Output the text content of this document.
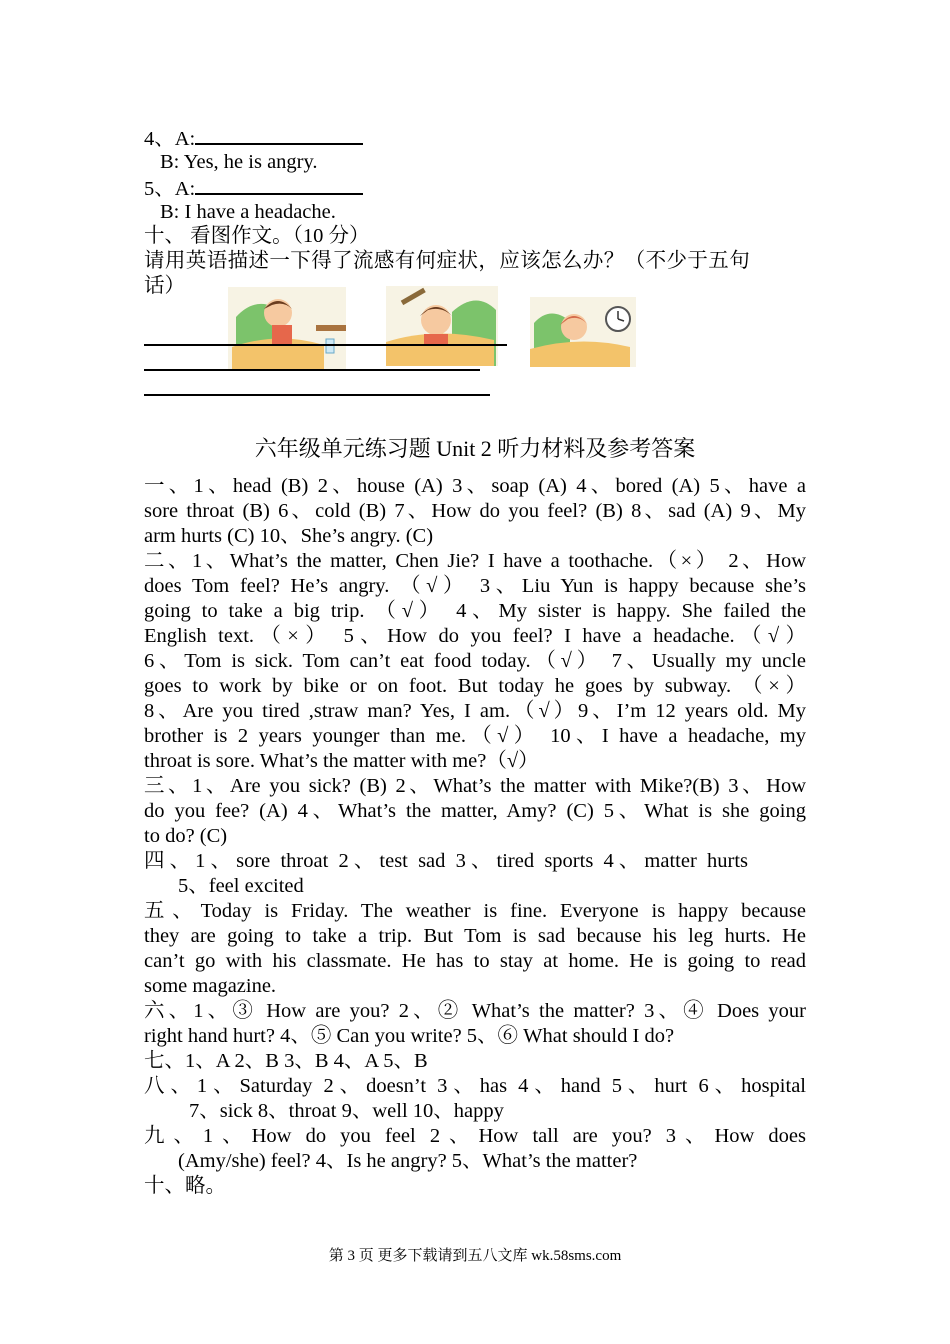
4、A:
B: Yes, he is angry.
5、A:
B: I have a headache.
十、 看图作文。（10 分）
请用英语描述一下得了流感有何症状，应该怎么办？（不少于五句
话）
六年级单元练习题 Unit 2 听力材料及参考答案
一、1、head (B) 2、house (A) 3、soap (A) 4、bored (A) 5、have a
sore throat (B) 6、cold (B) 7、How do you feel? (B) 8、sad (A) 9、My
arm hurts (C) 10、She’s angry. (C)
二、1、What’s the matter, Chen Jie? I have a toothache.（×） 2、How
does Tom feel? He’s angry. （√） 3、Liu Yun is happy because she’s
going to take a big trip. （√） 4、My sister is happy. She failed the
English text.（×） 5、How do you feel? I have a headache.（√）
6、Tom is sick. Tom can’t eat food today.（√） 7、Usually my uncle
goes to work by bike or on foot. But today he goes by subway. （×）
8、Are you tired ,straw man? Yes, I am.（√）9、I’m 12 years old. My
brother is 2 years younger than me.（√） 10、I have a headache, my
throat is sore. What’s the matter with me?（√）
三、1、Are you sick? (B) 2、What’s the matter with Mike?(B) 3、How
do you fee? (A) 4、What’s the matter, Amy? (C) 5、What is she going
to do? (C)
四、1、sore throat 2、test sad 3、tired sports 4、matter hurts
5、feel excited
五、Today is Friday. The weather is fine. Everyone is happy because
they are going to take a trip. But Tom is sad because his leg hurts. He
can’t go with his classmate. He has to stay at home. He is going to read
some magazine.
六、1、③ How are you? 2、② What’s the matter? 3、④ Does your
right hand hurt? 4、⑤ Can you write? 5、⑥ What should I do?
七、1、A 2、B 3、B 4、A 5、B
八、1、Saturday 2、doesn’t 3、has 4、hand 5、hurt 6、hospital
7、sick 8、throat 9、well 10、happy
九、1、How do you feel 2、How tall are you? 3、How does
(Amy/she) feel? 4、Is he angry? 5、What’s the matter?
十、略。
第 3 页 更多下载请到五八文库 wk.58sms.com
